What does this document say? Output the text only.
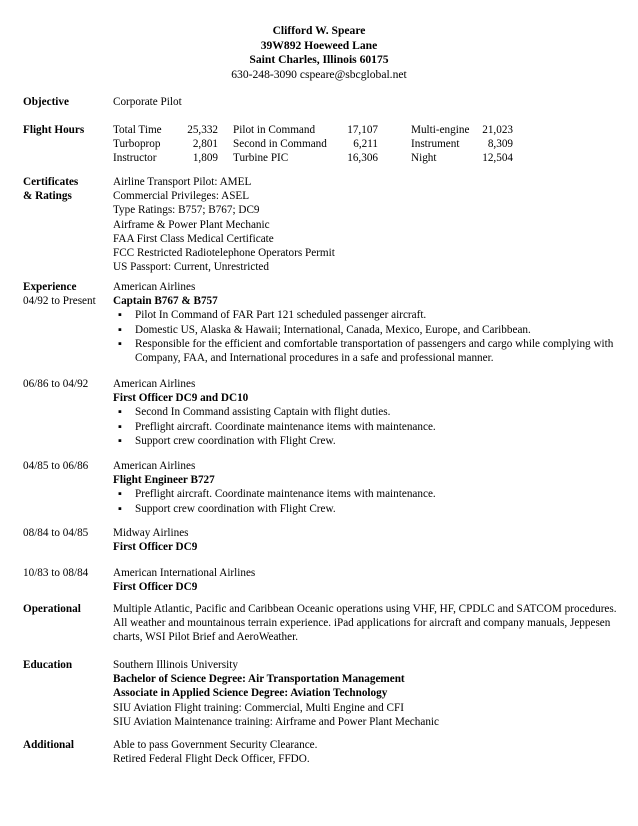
Clifford W. Speare
39W892 Hoeweed Lane
Saint Charles, Illinois 60175
630-248-3090 cspeare@sbcglobal.net
Objective	Corporate Pilot
Flight Hours	Total Time	25,332 Pilot in Command	17,107	Multi-engine	21,023
Turboprop	2,801 Second in Command	6,211	Instrument	8,309
Instructor	1,809 Turbine PIC	16,306	Night	12,504
Certificates
& Ratings
Airline Transport Pilot: AMEL
Commercial Privileges: ASEL
Type Ratings: B757; B767; DC9
Airframe & Power Plant Mechanic
FAA First Class Medical Certificate
FCC Restricted Radiotelephone Operators Permit
US Passport: Current, Unrestricted
Experience
04/92 to Present
American Airlines
Captain B767 & B757
▪ Pilot In Command of FAR Part 121 scheduled passenger aircraft.
▪ Domestic US, Alaska & Hawaii; International, Canada, Mexico, Europe, and Caribbean.
▪ Responsible for the efficient and comfortable transportation of passengers and cargo while complying with Company, FAA, and International procedures in a safe and professional manner.
06/86 to 04/92	American Airlines
First Officer DC9 and DC10
▪ Second In Command assisting Captain with flight duties.
▪ Preflight aircraft. Coordinate maintenance items with maintenance.
▪ Support crew coordination with Flight Crew.
04/85 to 06/86	American Airlines
Flight Engineer B727
▪ Preflight aircraft. Coordinate maintenance items with maintenance.
▪ Support crew coordination with Flight Crew.
08/84 to 04/85	Midway Airlines
First Officer DC9
10/83 to 08/84	American International Airlines
First Officer DC9
Operational	Multiple Atlantic, Pacific and Caribbean Oceanic operations using VHF, HF, CPDLC and SATCOM procedures. All weather and mountainous terrain experience. iPad applications for aircraft and company manuals, Jeppesen charts, WSI Pilot Brief and AeroWeather.
Education	Southern Illinois University
Bachelor of Science Degree: Air Transportation Management
Associate in Applied Science Degree: Aviation Technology
SIU Aviation Flight training: Commercial, Multi Engine and CFI
SIU Aviation Maintenance training: Airframe and Power Plant Mechanic
Additional	Able to pass Government Security Clearance.
Retired Federal Flight Deck Officer, FFDO.
